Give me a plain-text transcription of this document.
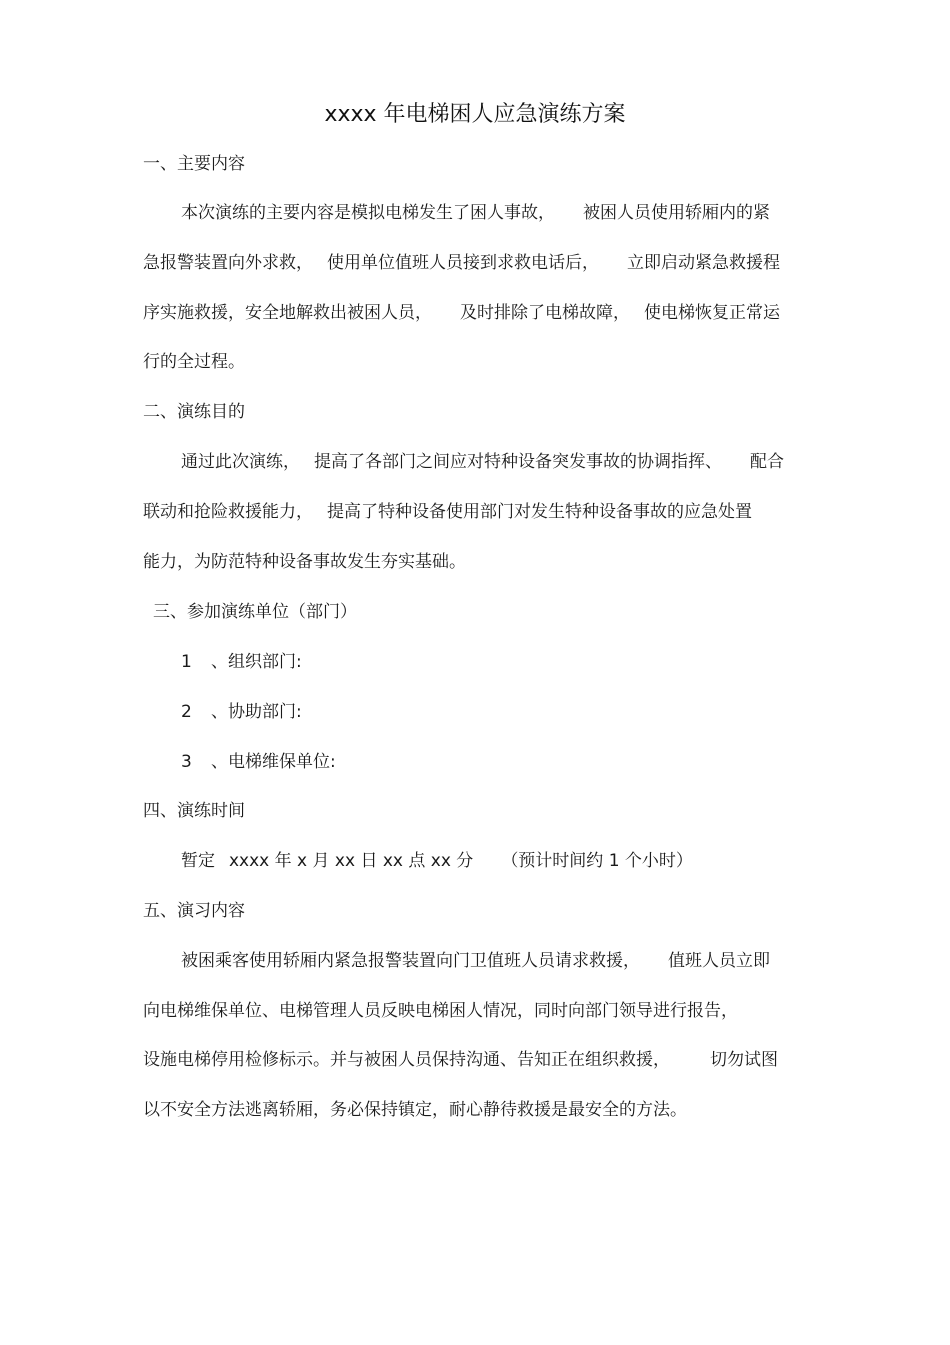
xxxx 年电梯困人应急演练方案
一、主要内容
本次演练的主要内容是模拟电梯发生了困人事故， 被困人员使用轿厢内的紧
急报警装置向外求救， 使用单位值班人员接到求救电话后， 立即启动紧急救援程
序实施救援，安全地解救出被困人员， 及时排除了电梯故障， 使电梯恢复正常运
行的全过程。
二、演练目的
通过此次演练， 提高了各部门之间应对特种设备突发事故的协调指挥、 配合
联动和抢险救援能力， 提高了特种设备使用部门对发生特种设备事故的应急处置
能力，为防范特种设备事故发生夯实基础。
三、参加演练单位（部门）
1 、组织部门:
2 、协助部门:
3 、电梯维保单位:
四、演练时间
暂定 xxxx 年 x 月 xx 日 xx 点 xx 分 （预计时间约 1 个小时）
五、演习内容
被困乘客使用轿厢内紧急报警装置向门卫值班人员请求救援， 值班人员立即
向电梯维保单位、电梯管理人员反映电梯困人情况，同时向部门领导进行报告，
设施电梯停用检修标示。并与被困人员保持沟通、告知正在组织救援， 切勿试图
以不安全方法逃离轿厢，务必保持镇定，耐心静待救援是最安全的方法。
